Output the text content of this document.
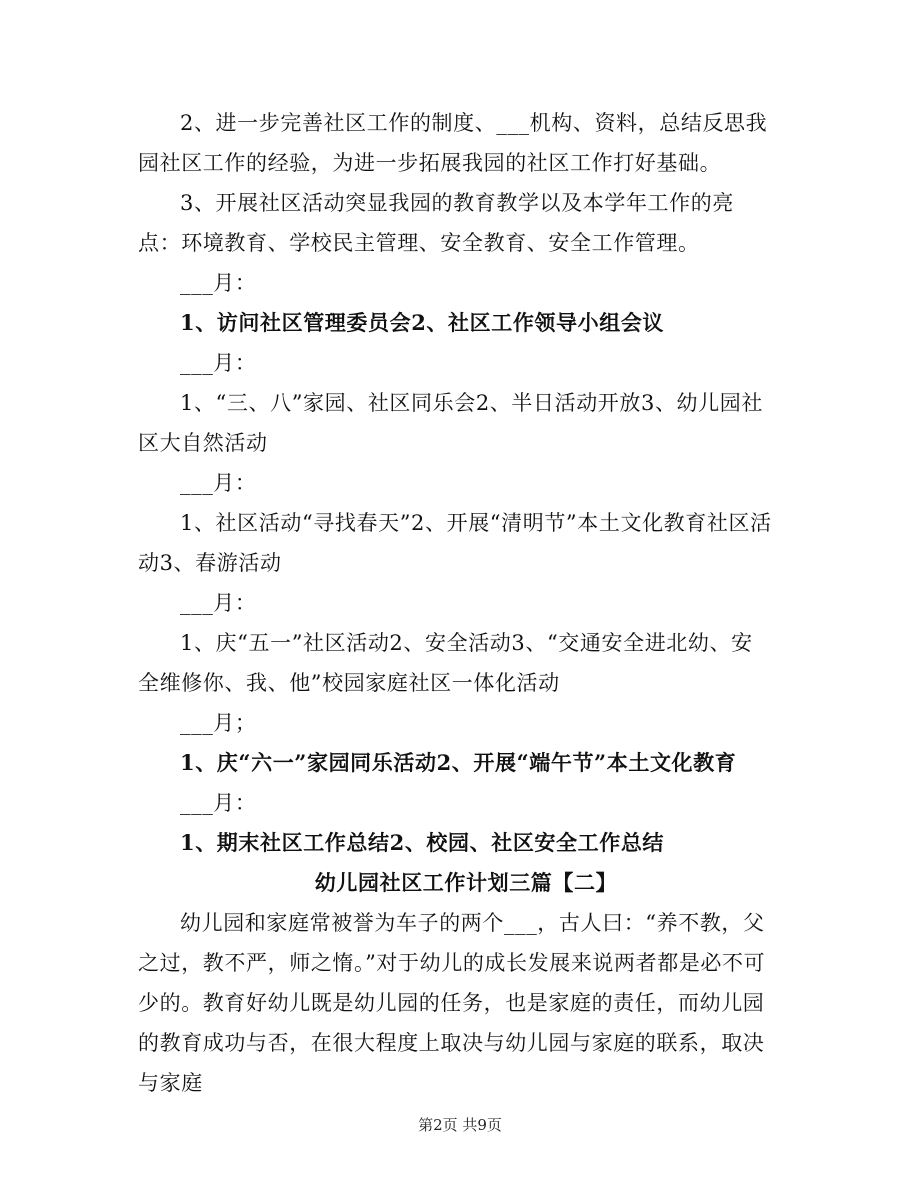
2、进一步完善社区工作的制度、___机构、资料，总结反思我园社区工作的经验，为进一步拓展我园的社区工作打好基础。

3、开展社区活动突显我园的教育教学以及本学年工作的亮点：环境教育、学校民主管理、安全教育、安全工作管理。

___月：

1、访问社区管理委员会2、社区工作领导小组会议

___月：

1、“三、八”家园、社区同乐会2、半日活动开放3、幼儿园社区大自然活动

___月：

1、社区活动“寻找春天”2、开展“清明节”本土文化教育社区活动3、春游活动

___月：

1、庆“五一”社区活动2、安全活动3、“交通安全进北幼、安全维修你、我、他”校园家庭社区一体化活动

___月；

1、庆“六一”家园同乐活动2、开展“端午节”本土文化教育

___月：

1、期末社区工作总结2、校园、社区安全工作总结

幼儿园社区工作计划三篇【二】

幼儿园和家庭常被誉为车子的两个___，古人曰：“养不教，父之过，教不严，师之惰。”对于幼儿的成长发展来说两者都是必不可少的。教育好幼儿既是幼儿园的任务，也是家庭的责任，而幼儿园的教育成功与否，在很大程度上取决与幼儿园与家庭的联系，取决与家庭

第2页 共9页
